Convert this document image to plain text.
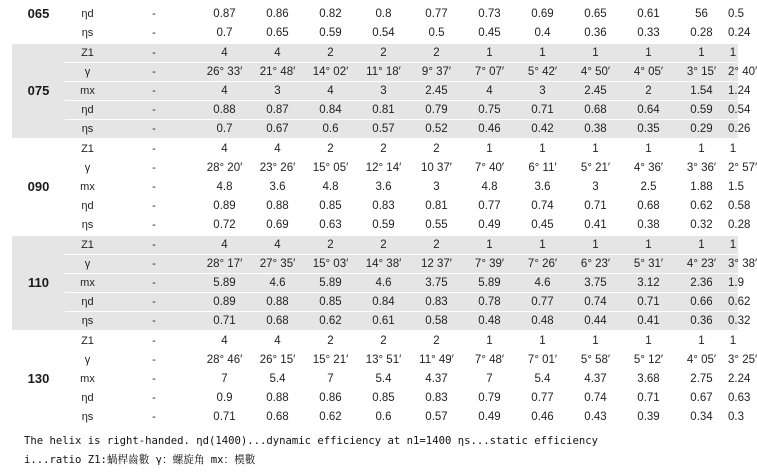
065													
	ηd	-	0.87	0.86	0.82	0.8	0.77	0.73	0.69	0.65	0.61	56	0.5
	ηs	-	0.7	0.65	0.59	0.54	0.5	0.45	0.4	0.36	0.33	0.28	0.24
075	Z1	-	4	4	2	2	2	1	1	1	1	1	1
	γ	-	26° 33′	21° 48′	14° 02′	11° 18′	9° 37′	7° 07′	5° 42′	4° 50′	4° 05′	3° 15′	2° 40′
	mx	-	4	3	4	3	2.45	4	3	2.45	2	1.54	1.24
	ηd	-	0.88	0.87	0.84	0.81	0.79	0.75	0.71	0.68	0.64	0.59	0.54
	ηs	-	0.7	0.67	0.6	0.57	0.52	0.46	0.42	0.38	0.35	0.29	0.26
090	Z1	-	4	4	2	2	2	1	1	1	1	1	1
	γ	-	28° 20′	23° 26′	15° 05′	12° 14′	10 37′	7° 40′	6° 11′	5° 21′	4° 36′	3° 36′	2° 57′
	mx	-	4.8	3.6	4.8	3.6	3	4.8	3.6	3	2.5	1.88	1.5
	ηd	-	0.89	0.88	0.85	0.83	0.81	0.77	0.74	0.71	0.68	0.62	0.58
	ηs	-	0.72	0.69	0.63	0.59	0.55	0.49	0.45	0.41	0.38	0.32	0.28
110	Z1	-	4	4	2	2	2	1	1	1	1	1	1
	γ	-	28° 17′	27° 35′	15° 03′	14° 38′	12 37′	7° 39′	7° 26′	6° 23′	5° 31′	4° 23′	3° 38′
	mx	-	5.89	4.6	5.89	4.6	3.75	5.89	4.6	3.75	3.12	2.36	1.9
	ηd	-	0.89	0.88	0.85	0.84	0.83	0.78	0.77	0.74	0.71	0.66	0.62
	ηs	-	0.71	0.68	0.62	0.61	0.58	0.48	0.48	0.44	0.41	0.36	0.32
130	Z1	-	4	4	2	2	2	1	1	1	1	1	1
	γ	-	28° 46′	26° 15′	15° 21′	13° 51′	11° 49′	7° 48′	7° 01′	5° 58′	5° 12′	4° 05′	3° 25′
	mx	-	7	5.4	7	5.4	4.37	7	5.4	4.37	3.68	2.75	2.24
	ηd	-	0.9	0.88	0.86	0.85	0.83	0.79	0.77	0.74	0.71	0.67	0.63
	ηs	-	0.71	0.68	0.62	0.6	0.57	0.49	0.46	0.43	0.39	0.34	0.3
The helix is right-handed. ηd(1400)...dynamic efficiency at n1=1400 ηs...static efficiency
i...ratio Z1:蝸桿齒數 γ：螺旋角 mx：模數
